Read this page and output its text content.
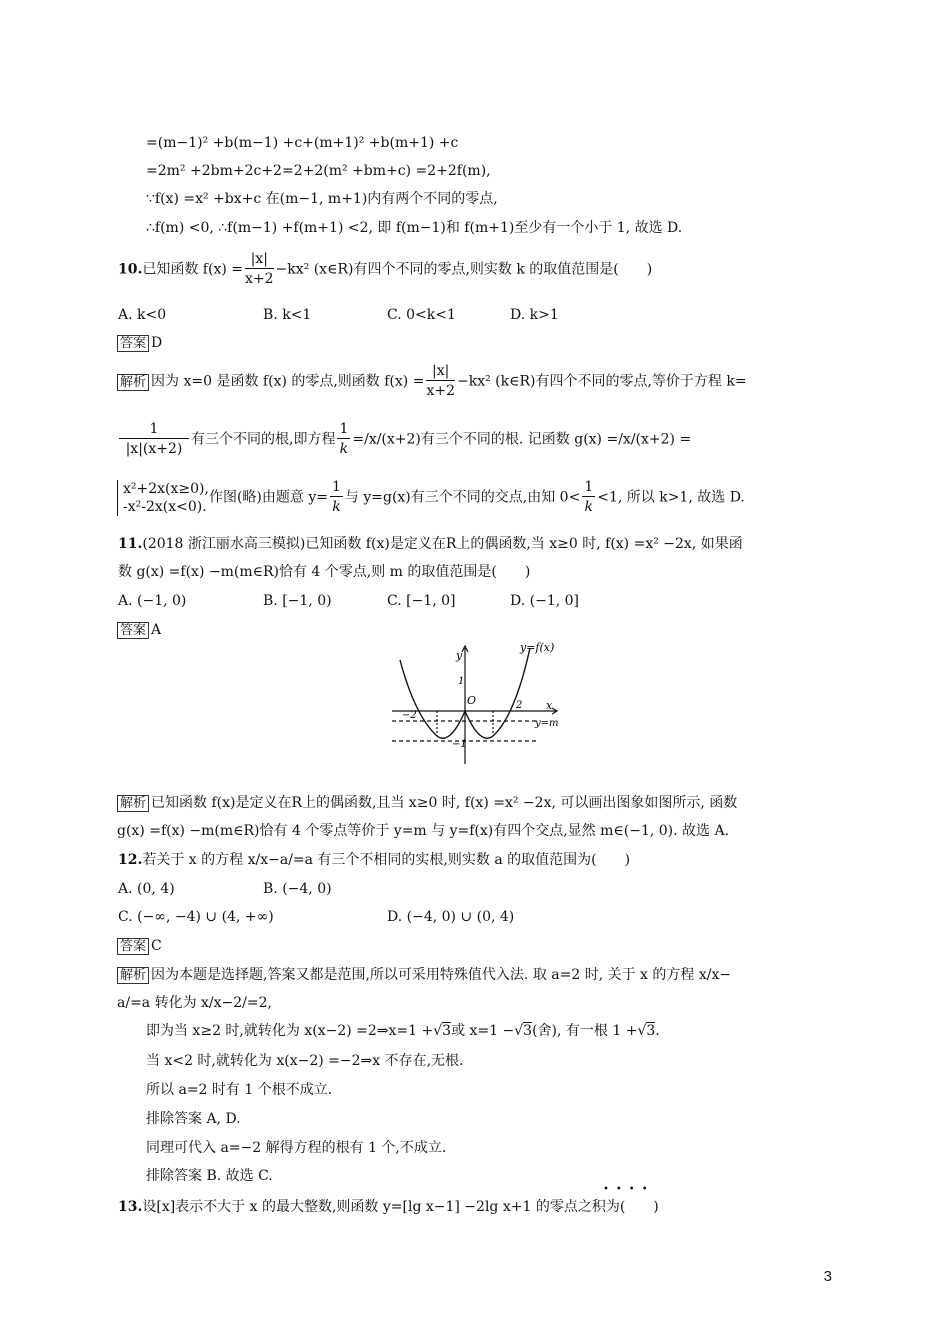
=(m−1)² +b(m−1) +c+(m+1)² +b(m+1) +c
=2m² +2bm+2c+2=2+2(m² +bm+c) =2+2f(m),
∵f(x) =x² +bx+c 在(m−1, m+1)内有两个不同的零点,
∴f(m) <0, ∴f(m−1) +f(m+1) <2, 即 f(m−1)和 f(m+1)至少有一个小于 1, 故选 D.
10.已知函数 $f(x) = \frac{|x|}{x+2} -kx^2$ (x∈R)有四个不同的零点,则实数 k 的取值范围是(　　)
A. k<0	B. k<1	C. 0<k<1	D. k>1
答案 D
解析 因为 x=0 是函数 f(x) 的零点,则函数 $f(x) = \frac{|x|}{x+2} -kx^2$ (k∈R)有四个不同的零点,等价于方程 k=
$\frac{1}{|x|(x+2)}$ 有三个不同的根,即方程 $\frac{1}{k} =/x/(x+2)$有三个不同的根. 记函数 g(x) =/x/(x+2) =
x²+2x(x≥0),
-x²-2x(x<0).
作图(略)由题意 $y= \frac{1}{k}$ 与 y=g(x)有三个不同的交点,由知 $0< \frac{1}{k} <1$, 所以 k>1, 故选 D.
11.(2018 浙江丽水高三模拟)已知函数 f(x)是定义在R上的偶函数,当 x≥0 时, f(x) =x² −2x, 如果函
数 g(x) =f(x) −m(m∈R)恰有 4 个零点,则 m 的取值范围是(　　)
A. (−1, 0)	B. [−1, 0)	C. [−1, 0]	D. (−1, 0]
答案 A
y=f(x)
y
x
O
1
−1
−2
2
y=m
解析 已知函数 f(x)是定义在R上的偶函数,且当 x≥0 时, f(x) =x² −2x, 可以画出图象如图所示, 函数
g(x) =f(x) −m(m∈R)恰有 4 个零点等价于 y=m 与 y=f(x)有四个交点,显然 m∈(−1, 0). 故选 A.
12.若关于 x 的方程 x/x−a/=a 有三个不相同的实根,则实数 a 的取值范围为(　　)
A. (0, 4)	B. (−4, 0)
C. (−∞, −4) ∪ (4, +∞)	D. (−4, 0) ∪ (0, 4)
答案 C
解析 因为本题是选择题,答案又都是范围,所以可采用特殊值代入法. 取 a=2 时, 关于 x 的方程 x/x−
a/=a 转化为 x/x−2/=2,
即为当 x≥2 时,就转化为 x(x−2) =2⇒x=1 +√3或 x=1 −√3(舍), 有一根 1 +√3.
当 x<2 时,就转化为 x(x−2) =−2⇒x 不存在,无根.
所以 a=2 时有 1 个根不成立.
排除答案 A, D.
同理可代入 a=−2 解得方程的根有 1 个,不成立.
排除答案 B. 故选 C.
13.设[x]表示不大于 x 的最大整数,则函数 y=[lg x−1] −2lg x+1 的零点之积为(　　)
••••
3
